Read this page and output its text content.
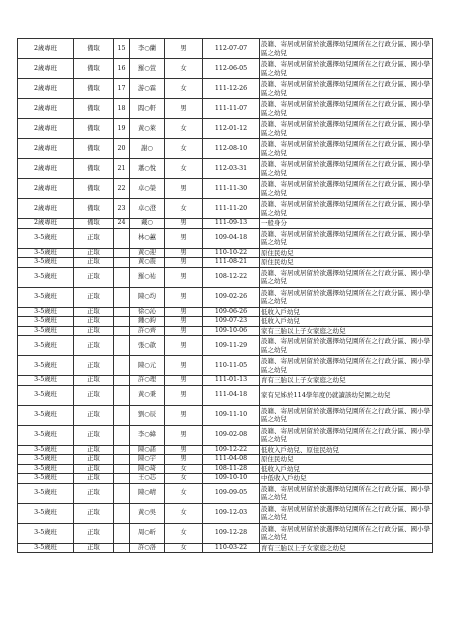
2歲專班	備取	15	李○蘭	男	112-07-07	設籍、寄居或居留於欲選擇幼兒園所在之行政分區、國小學區之幼兒
2歲專班	備取	16	羅○萱	女	112-06-05	設籍、寄居或居留於欲選擇幼兒園所在之行政分區、國小學區之幼兒
2歲專班	備取	17	游○霖	女	111-12-26	設籍、寄居或居留於欲選擇幼兒園所在之行政分區、國小學區之幼兒
2歲專班	備取	18	閻○軒	男	111-11-07	設籍、寄居或居留於欲選擇幼兒園所在之行政分區、國小學區之幼兒
2歲專班	備取	19	黃○萊	女	112-01-12	設籍、寄居或居留於欲選擇幼兒園所在之行政分區、國小學區之幼兒
2歲專班	備取	20	謝○	女	112-08-10	設籍、寄居或居留於欲選擇幼兒園所在之行政分區、國小學區之幼兒
2歲專班	備取	21	蕭○悅	女	112-03-31	設籍、寄居或居留於欲選擇幼兒園所在之行政分區、國小學區之幼兒
2歲專班	備取	22	卓○榮	男	111-11-30	設籍、寄居或居留於欲選擇幼兒園所在之行政分區、國小學區之幼兒
2歲專班	備取	23	卓○澄	女	111-11-20	設籍、寄居或居留於欲選擇幼兒園所在之行政分區、國小學區之幼兒
2歲專班	備取	24	戴○	男	111-09-13	一般身分
3-5歲班	正取		林○蕙	男	109-04-18	設籍、寄居或居留於欲選擇幼兒園所在之行政分區、國小學區之幼兒
3-5歲班	正取		黃○迎	男	110-10-22	原住民幼兒
3-5歲班	正取		黃○震	男	111-08-21	原住民幼兒
3-5歲班	正取		羅○祐	男	108-12-22	設籍、寄居或居留於欲選擇幼兒園所在之行政分區、國小學區之幼兒
3-5歲班	正取		陳○均	男	109-02-26	設籍、寄居或居留於欲選擇幼兒園所在之行政分區、國小學區之幼兒
3-5歲班	正取		徐○沁	男	109-06-26	低收入戶幼兒
3-5歲班	正取		鍾○鈞	男	109-07-23	低收入戶幼兒
3-5歲班	正取		許○齊	男	109-10-06	家有三胎以上子女家庭之幼兒
3-5歲班	正取		張○歆	男	109-11-29	設籍、寄居或居留於欲選擇幼兒園所在之行政分區、國小學區之幼兒
3-5歲班	正取		陳○元	男	110-11-05	設籍、寄居或居留於欲選擇幼兒園所在之行政分區、國小學區之幼兒
3-5歲班	正取		許○理	男	111-01-13	育有三胎以上子女家庭之幼兒
3-5歲班	正取		黃○秉	男	111-04-18	家有兄姊於114學年度仍就讀該幼兒園之幼兒
3-5歲班	正取		劉○辰	男	109-11-10	設籍、寄居或居留於欲選擇幼兒園所在之行政分區、國小學區之幼兒
3-5歲班	正取		李○緯	男	109-02-08	設籍、寄居或居留於欲選擇幼兒園所在之行政分區、國小學區之幼兒
3-5歲班	正取		陳○諾	男	109-12-22	低收入戶幼兒、原住民幼兒
3-5歲班	正取		陳○宇	男	111-04-08	原住民幼兒
3-5歲班	正取		陳○琦	女	108-11-28	低收入戶幼兒
3-5歲班	正取		王○芯	女	109-10-10	中低收入戶幼兒
3-5歲班	正取		陳○晴	女	109-09-05	設籍、寄居或居留於欲選擇幼兒園所在之行政分區、國小學區之幼兒
3-5歲班	正取		黃○吳	女	109-12-03	設籍、寄居或居留於欲選擇幼兒園所在之行政分區、國小學區之幼兒
3-5歲班	正取		周○昕	女	109-12-28	設籍、寄居或居留於欲選擇幼兒園所在之行政分區、國小學區之幼兒
3-5歲班	正取		許○洛	女	110-03-22	育有三胎以上子女家庭之幼兒
